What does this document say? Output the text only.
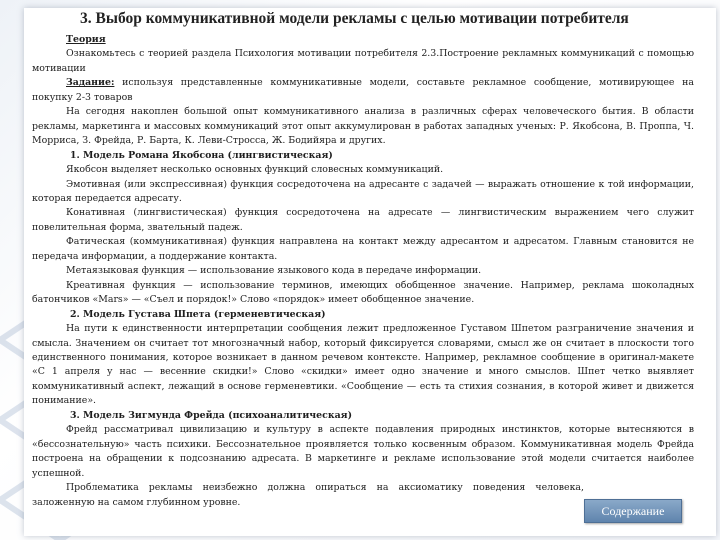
3. Выбор коммуникативной модели рекламы с целью мотивации потребителя

Теория

Ознакомьтесь с теорией раздела Психология мотивации потребителя 2.3.Построение рекламных коммуникаций с помощью мотивации

Задание: используя представленные коммуникативные модели, составьте рекламное сообщение, мотивирующее на покупку 2-3 товаров

На сегодня накоплен большой опыт коммуникативного анализа в различных сферах человеческого бытия. В области рекламы, маркетинга и массовых коммуникаций этот опыт аккумулирован в работах западных ученых: Р. Якобсона, В. Проппа, Ч. Морриса, З. Фрейда, Р. Барта, К. Леви-Стросса, Ж. Бодийяра и других.

1. Модель Романа Якобсона (лингвистическая)

Якобсон выделяет несколько основных функций словесных коммуникаций.

Эмотивная (или экспрессивная) функция сосредоточена на адресанте с задачей — выражать отношение к той информации, которая передается адресату.

Конативная (лингвистическая) функция сосредоточена на адресате — лингвистическим выражением чего служит повелительная форма, звательный падеж.

Фатическая (коммуникативная) функция направлена на контакт между адресантом и адресатом. Главным становится не передача информации, а поддержание контакта.

Метаязыковая функция — использование языкового кода в передаче информации.

Креативная функция — использование терминов, имеющих обобщенное значение. Например, реклама шоколадных батончиков «Mars» — «Съел и порядок!» Слово «порядок» имеет обобщенное значение.

2. Модель Густава Шпета (герменевтическая)

На пути к единственности интерпретации сообщения лежит предложенное Густавом Шпетом разграничение значения и смысла. Значением он считает тот многозначный набор, который фиксируется словарями, смысл же он считает в плоскости того единственного понимания, которое возникает в данном речевом контексте. Например, рекламное сообщение в оригинал-макете «С 1 апреля у нас — весенние скидки!» Слово «скидки» имеет одно значение и много смыслов. Шпет четко выявляет коммуникативный аспект, лежащий в основе герменевтики. «Сообщение — есть та стихия сознания, в которой живет и движется понимание».

3. Модель Зигмунда Фрейда (психоаналитическая)

Фрейд рассматривал цивилизацию и культуру в аспекте подавления природных инстинктов, которые вытесняются в «бессознательную» часть психики. Бессознательное проявляется только косвенным образом. Коммуникативная модель Фрейда построена на обращении к подсознанию адресата. В маркетинге и рекламе использование этой модели считается наиболее успешной.

Проблематика рекламы неизбежно должна опираться на аксиоматику поведения человека, заложенную на самом глубинном уровне.

Содержание
